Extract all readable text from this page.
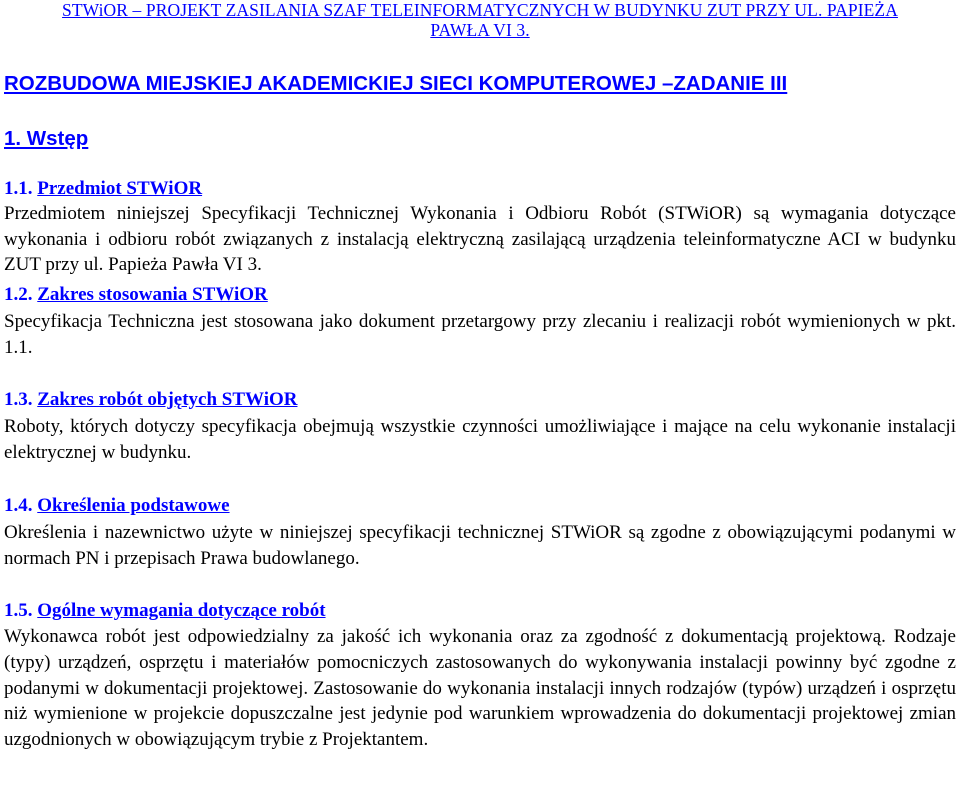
STWiOR – PROJEKT ZASILANIA SZAF TELEINFORMATYCZNYCH W BUDYNKU ZUT PRZY UL. PAPIEŻA
PAWŁA VI 3.
ROZBUDOWA MIEJSKIEJ AKADEMICKIEJ SIECI KOMPUTEROWEJ –ZADANIE III
1. Wstęp
1.1. Przedmiot STWiOR

Przedmiotem niniejszej Specyfikacji Technicznej Wykonania i Odbioru Robót (STWiOR) są wymagania dotyczące wykonania i odbioru robót związanych z instalacją elektryczną zasilającą urządzenia teleinformatyczne ACI w budynku ZUT przy ul. Papieża Pawła VI 3.

1.2. Zakres stosowania STWiOR

Specyfikacja Techniczna jest stosowana jako dokument przetargowy przy zlecaniu i realizacji robót wymienionych w pkt. 1.1.

1.3. Zakres robót objętych STWiOR

Roboty, których dotyczy specyfikacja obejmują wszystkie czynności umożliwiające i mające na celu wykonanie instalacji elektrycznej w budynku.

1.4. Określenia podstawowe

Określenia i nazewnictwo użyte w niniejszej specyfikacji technicznej STWiOR są zgodne z obowiązującymi podanymi w normach PN i przepisach Prawa budowlanego.

1.5. Ogólne wymagania dotyczące robót

Wykonawca robót jest odpowiedzialny za jakość ich wykonania oraz za zgodność z dokumentacją projektową. Rodzaje (typy) urządzeń, osprzętu i materiałów pomocniczych zastosowanych do wykonywania instalacji powinny być zgodne z podanymi w dokumentacji projektowej. Zastosowanie do wykonania instalacji innych rodzajów (typów) urządzeń i osprzętu niż wymienione w projekcie dopuszczalne jest jedynie pod warunkiem wprowadzenia do dokumentacji projektowej zmian uzgodnionych w obowiązującym trybie z Projektantem.
